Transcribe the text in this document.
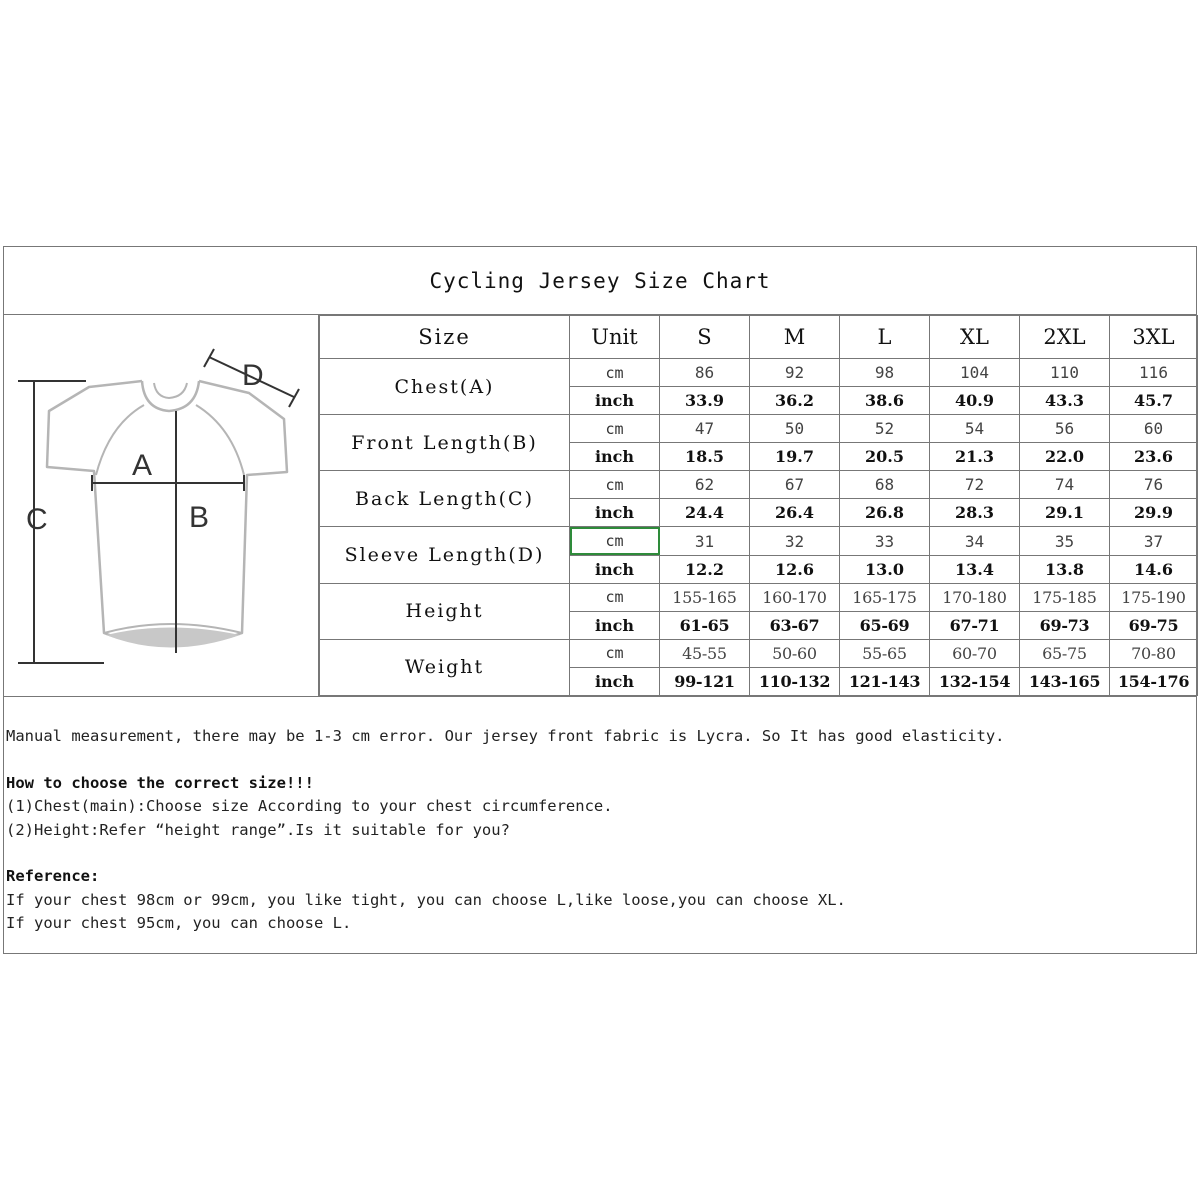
Cycling Jersey Size Chart
C
A
B
D
Size	Unit	S	M	L	XL	2XL	3XL
Chest(A)	cm	86	92	98	104	110	116
	inch	33.9	36.2	38.6	40.9	43.3	45.7
Front Length(B)	cm	47	50	52	54	56	60
	inch	18.5	19.7	20.5	21.3	22.0	23.6
Back Length(C)	cm	62	67	68	72	74	76
	inch	24.4	26.4	26.8	28.3	29.1	29.9
Sleeve Length(D)	cm	31	32	33	34	35	37
	inch	12.2	12.6	13.0	13.4	13.8	14.6
Height	cm	155-165	160-170	165-175	170-180	175-185	175-190
	inch	61-65	63-67	65-69	67-71	69-73	69-75
Weight	cm	45-55	50-60	55-65	60-70	65-75	70-80
	inch	99-121	110-132	121-143	132-154	143-165	154-176

Manual measurement, there may be 1-3 cm error. Our jersey front fabric is Lycra. So It has good elasticity.

How to choose the correct size!!!

(1)Chest(main):Choose size According to your chest circumference.

(2)Height:Refer “height range”.Is it suitable for you?

Reference:

If your chest 98cm or 99cm, you like tight, you can choose L,like loose,you can choose XL.

If your chest 95cm, you can choose L.
